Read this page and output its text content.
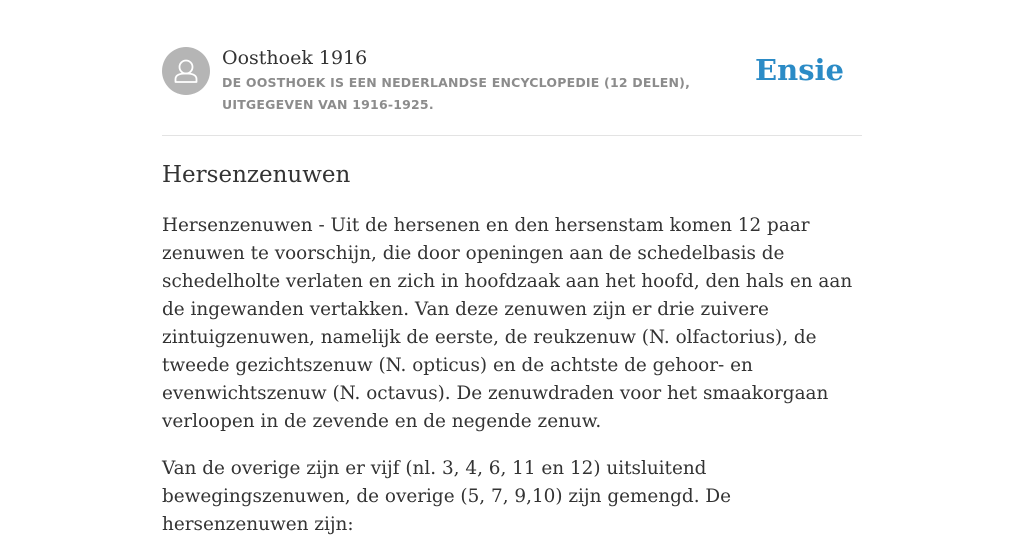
Oosthoek 1916
DE OOSTHOEK IS EEN NEDERLANDSE ENCYCLOPEDIE (12 DELEN), UITGEGEVEN VAN 1916-1925.
Ensie
Hersenzenuwen

Hersenzenuwen - Uit de hersenen en den hersenstam komen 12 paar zenuwen te voorschijn, die door openingen aan de schedelbasis de schedelholte verlaten en zich in hoofdzaak aan het hoofd, den hals en aan de ingewanden vertakken. Van deze zenuwen zijn er drie zuivere zintuigzenuwen, namelijk de eerste, de reukzenuw (N. olfactorius), de tweede gezichtszenuw (N. opticus) en de achtste de gehoor- en evenwichtszenuw (N. octavus). De zenuwdraden voor het smaakorgaan verloopen in de zevende en de negende zenuw.

Van de overige zijn er vijf (nl. 3, 4, 6, 11 en 12) uitsluitend bewegingszenuwen, de overige (5, 7, 9,10) zijn gemengd. De hersenzenuwen zijn:
